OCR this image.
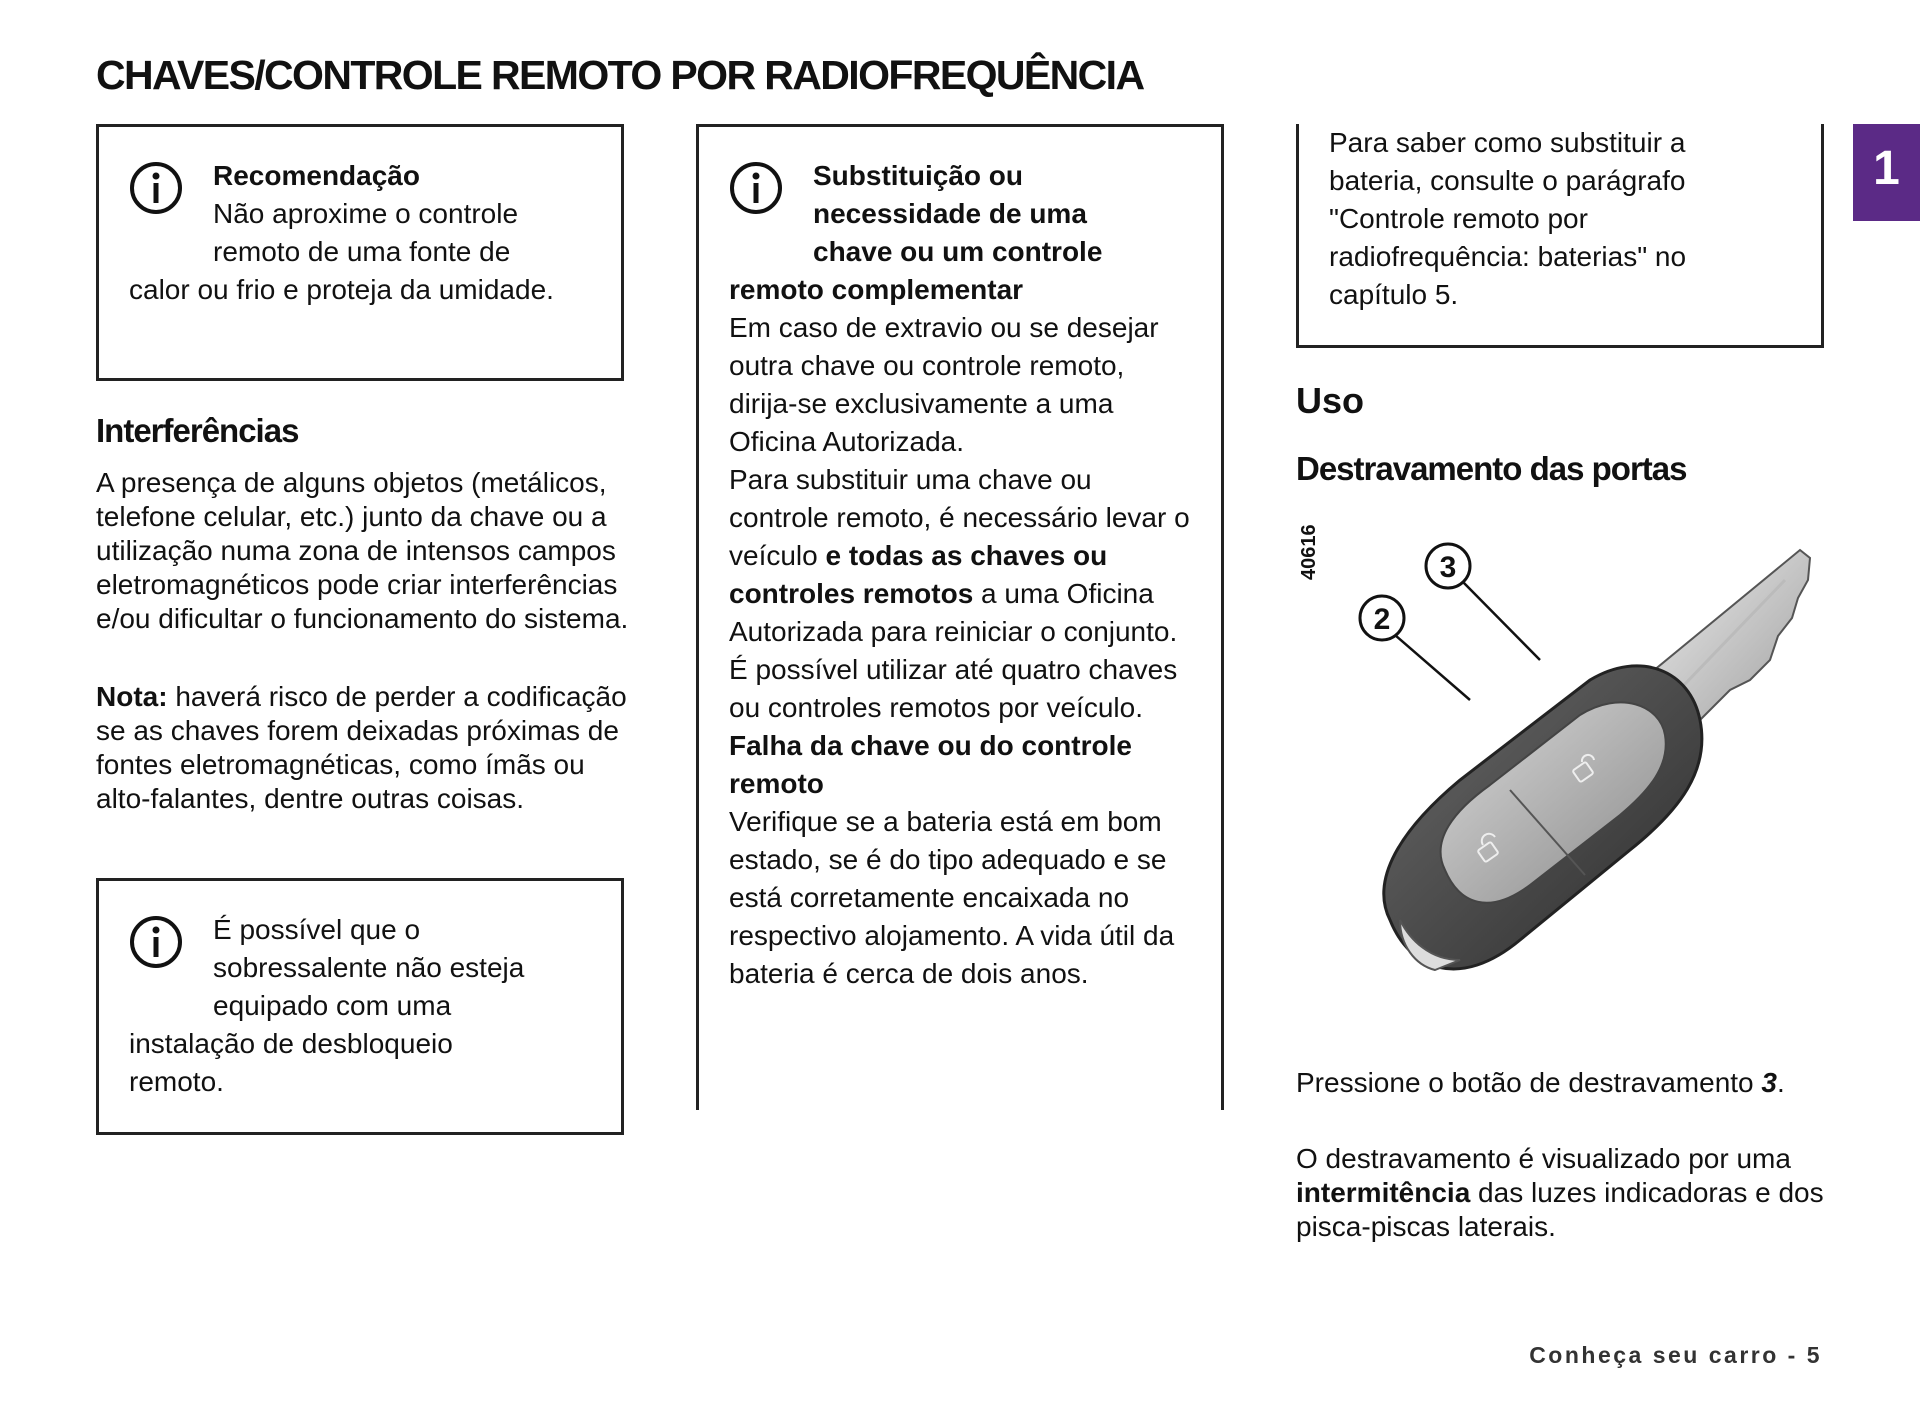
CHAVES/CONTROLE REMOTO POR RADIOFREQUÊNCIA
1

Recomendação

Não aproxime o controle

remoto de uma fonte de

calor ou frio e proteja da umidade.

Interferências

A presença de alguns objetos (metálicos, telefone celular, etc.) junto da chave ou a utilização numa zona de intensos campos eletromagnéticos pode criar interferências e/ou dificultar o funcionamento do sistema.

Nota: haverá risco de perder a codificação se as chaves forem deixadas próximas de fontes eletromagnéticas, como ímãs ou alto-falantes, dentre outras coisas.

É possível que o

sobressalente não esteja

equipado com uma

instalação de desbloqueio remoto.

Substituição ou

necessidade de uma

chave ou um controle

remoto complementar

Em caso de extravio ou se desejar outra chave ou controle remoto, dirija-se exclusivamente a uma Oficina Autorizada.

Para substituir uma chave ou controle remoto, é necessário levar o veículo e todas as chaves ou controles remotos a uma Oficina Autorizada para reiniciar o conjunto.

É possível utilizar até quatro chaves ou controles remotos por veículo.

Falha da chave ou do controle remoto

Verifique se a bateria está em bom estado, se é do tipo adequado e se está corretamente encaixada no respectivo alojamento. A vida útil da bateria é cerca de dois anos.

Para saber como substituir a bateria, consulte o parágrafo "Controle remoto por radiofrequência: baterias" no capítulo 5.

Uso
Destravamento das portas
40616
2
3

Pressione o botão de destravamento 3.

O destravamento é visualizado por uma intermitência das luzes indicadoras e dos pisca-piscas laterais.

Conheça seu carro - 5
